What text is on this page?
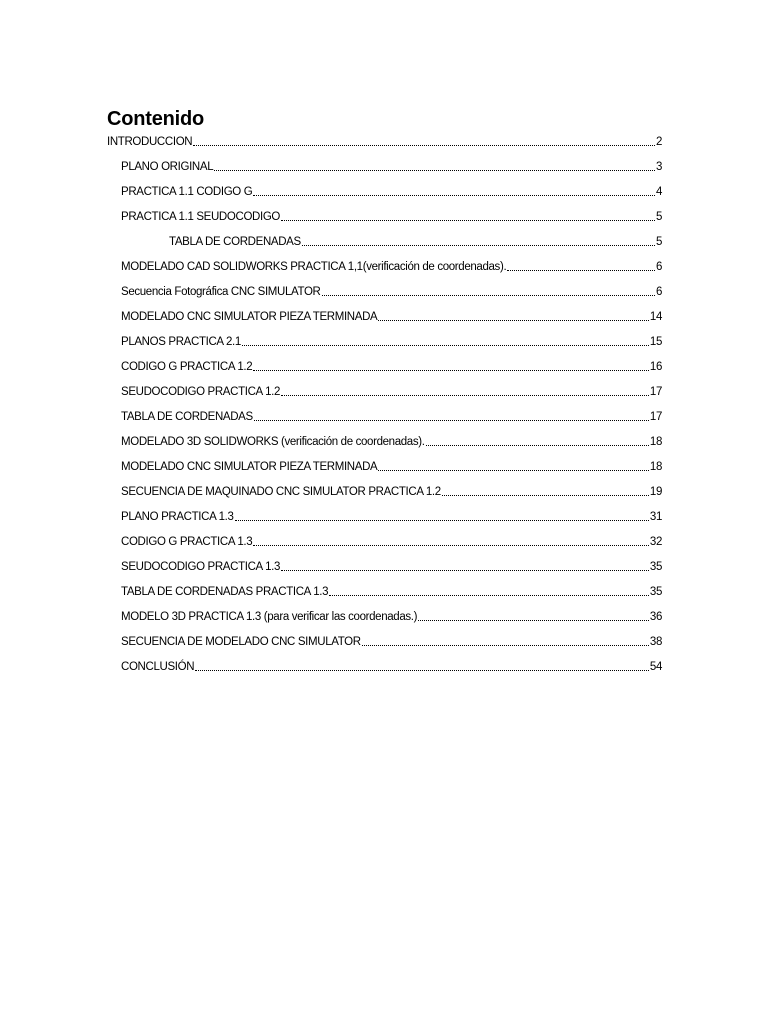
Contenido
INTRODUCCION	2
PLANO ORIGINAL	3
PRACTICA 1.1 CODIGO G	4
PRACTICA 1.1 SEUDOCODIGO	5
TABLA DE CORDENADAS	5
MODELADO CAD SOLIDWORKS PRACTICA 1,1(verificación de coordenadas).	6
Secuencia Fotográfica CNC SIMULATOR	6
MODELADO CNC SIMULATOR PIEZA TERMINADA	14
PLANOS PRACTICA 2.1	15
CODIGO G PRACTICA 1.2	16
SEUDOCODIGO PRACTICA 1.2	17
TABLA DE CORDENADAS	17
MODELADO 3D SOLIDWORKS (verificación de coordenadas).	18
MODELADO CNC SIMULATOR PIEZA TERMINADA	18
SECUENCIA DE MAQUINADO CNC SIMULATOR PRACTICA 1.2	19
PLANO PRACTICA 1.3	31
CODIGO G PRACTICA 1.3	32
SEUDOCODIGO PRACTICA 1.3	35
TABLA DE CORDENADAS PRACTICA 1.3	35
MODELO 3D PRACTICA 1.3 (para verificar las coordenadas.)	36
SECUENCIA DE MODELADO CNC SIMULATOR	38
CONCLUSIÓN	54
